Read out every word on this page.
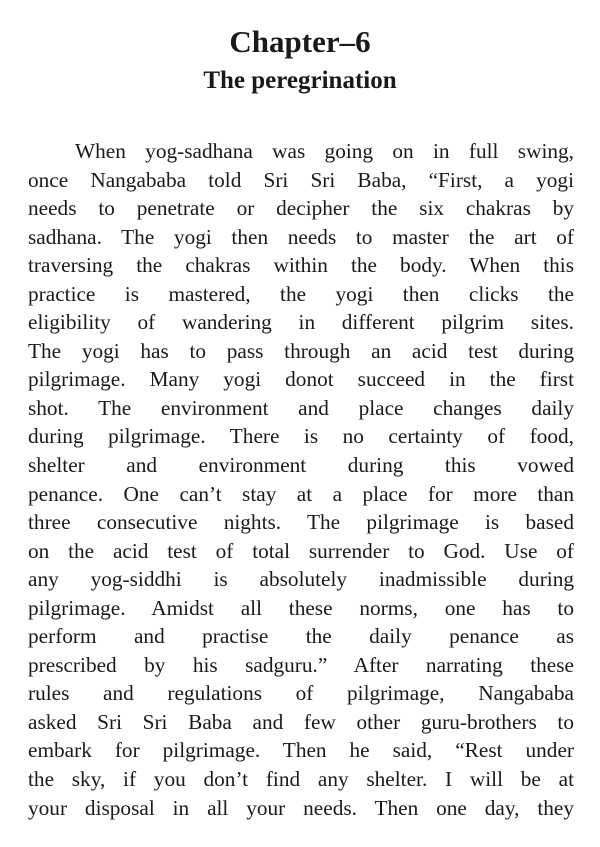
Chapter–6
The peregrination
When yog-sadhana was going on in full swing,
once Nangababa told Sri Sri Baba, “First, a yogi
needs to penetrate or decipher the six chakras by
sadhana. The yogi then needs to master the art of
traversing the chakras within the body. When this
practice is mastered, the yogi then clicks the
eligibility of wandering in different pilgrim sites.
The yogi has to pass through an acid test during
pilgrimage. Many yogi donot succeed in the first
shot. The environment and place changes daily
during pilgrimage. There is no certainty of food,
shelter and environment during this vowed
penance. One can’t stay at a place for more than
three consecutive nights. The pilgrimage is based
on the acid test of total surrender to God. Use of
any yog-siddhi is absolutely inadmissible during
pilgrimage. Amidst all these norms, one has to
perform and practise the daily penance as
prescribed by his sadguru.” After narrating these
rules and regulations of pilgrimage, Nangababa
asked Sri Sri Baba and few other guru-brothers to
embark for pilgrimage. Then he said, “Rest under
the sky, if you don’t find any shelter. I will be at
your disposal in all your needs. Then one day, they
